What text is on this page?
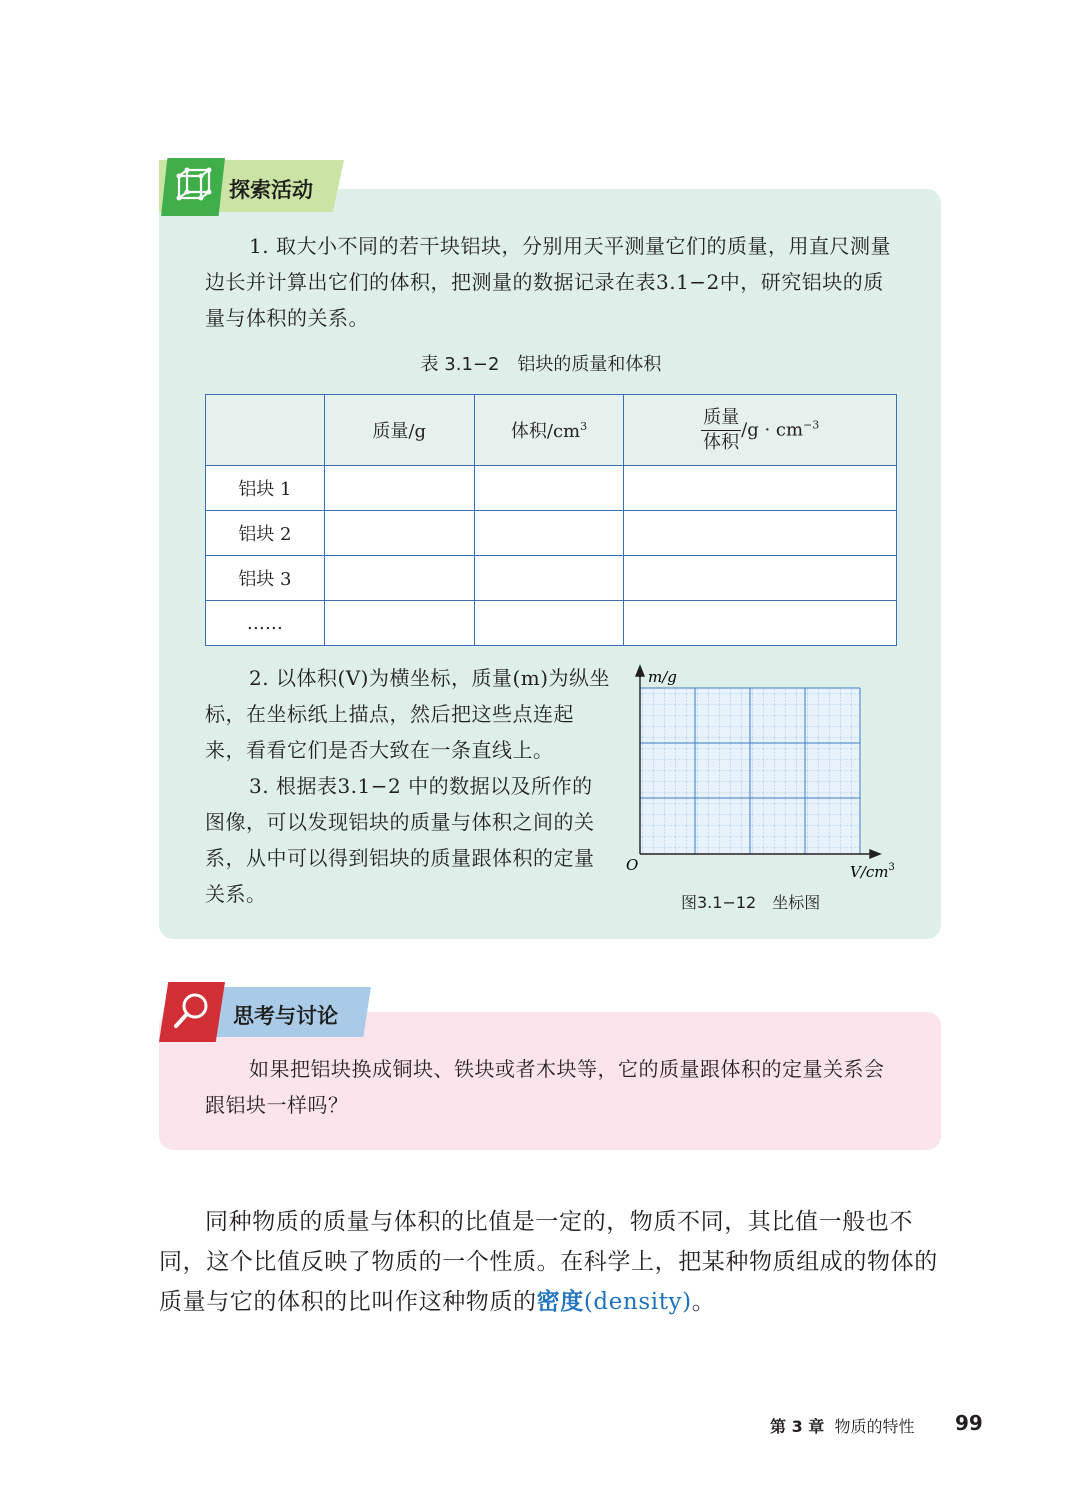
探索活动
1. 取大小不同的若干块铝块，分别用天平测量它们的质量，用直尺测量边长并计算出它们的体积，把测量的数据记录在表3.1−2中，研究铝块的质量与体积的关系。
表 3.1−2　铝块的质量和体积
	质量/g	体积$/cm^3$	$\frac{\text{质量}}{\text{体积}} /g \cdot cm^{-3}$
铝块 1			
铝块 2			
铝块 3			
……			
2. 以体积(V)为横坐标，质量(m)为纵坐标，在坐标纸上描点，然后把这些点连起来，看看它们是否大致在一条直线上。
3. 根据表3.1−2 中的数据以及所作的图像，可以发现铝块的质量与体积之间的关系，从中可以得到铝块的质量跟体积的定量关系。
m/g
O	$V/cm^3$
图3.1−12　坐标图
思考与讨论
如果把铝块换成铜块、铁块或者木块等，它的质量跟体积的定量关系会跟铝块一样吗？
同种物质的质量与体积的比值是一定的，物质不同，其比值一般也不同，这个比值反映了物质的一个性质。在科学上，把某种物质组成的物体的质量与它的体积的比叫作这种物质的密度(density)。
第 3 章 物质的特性 99
